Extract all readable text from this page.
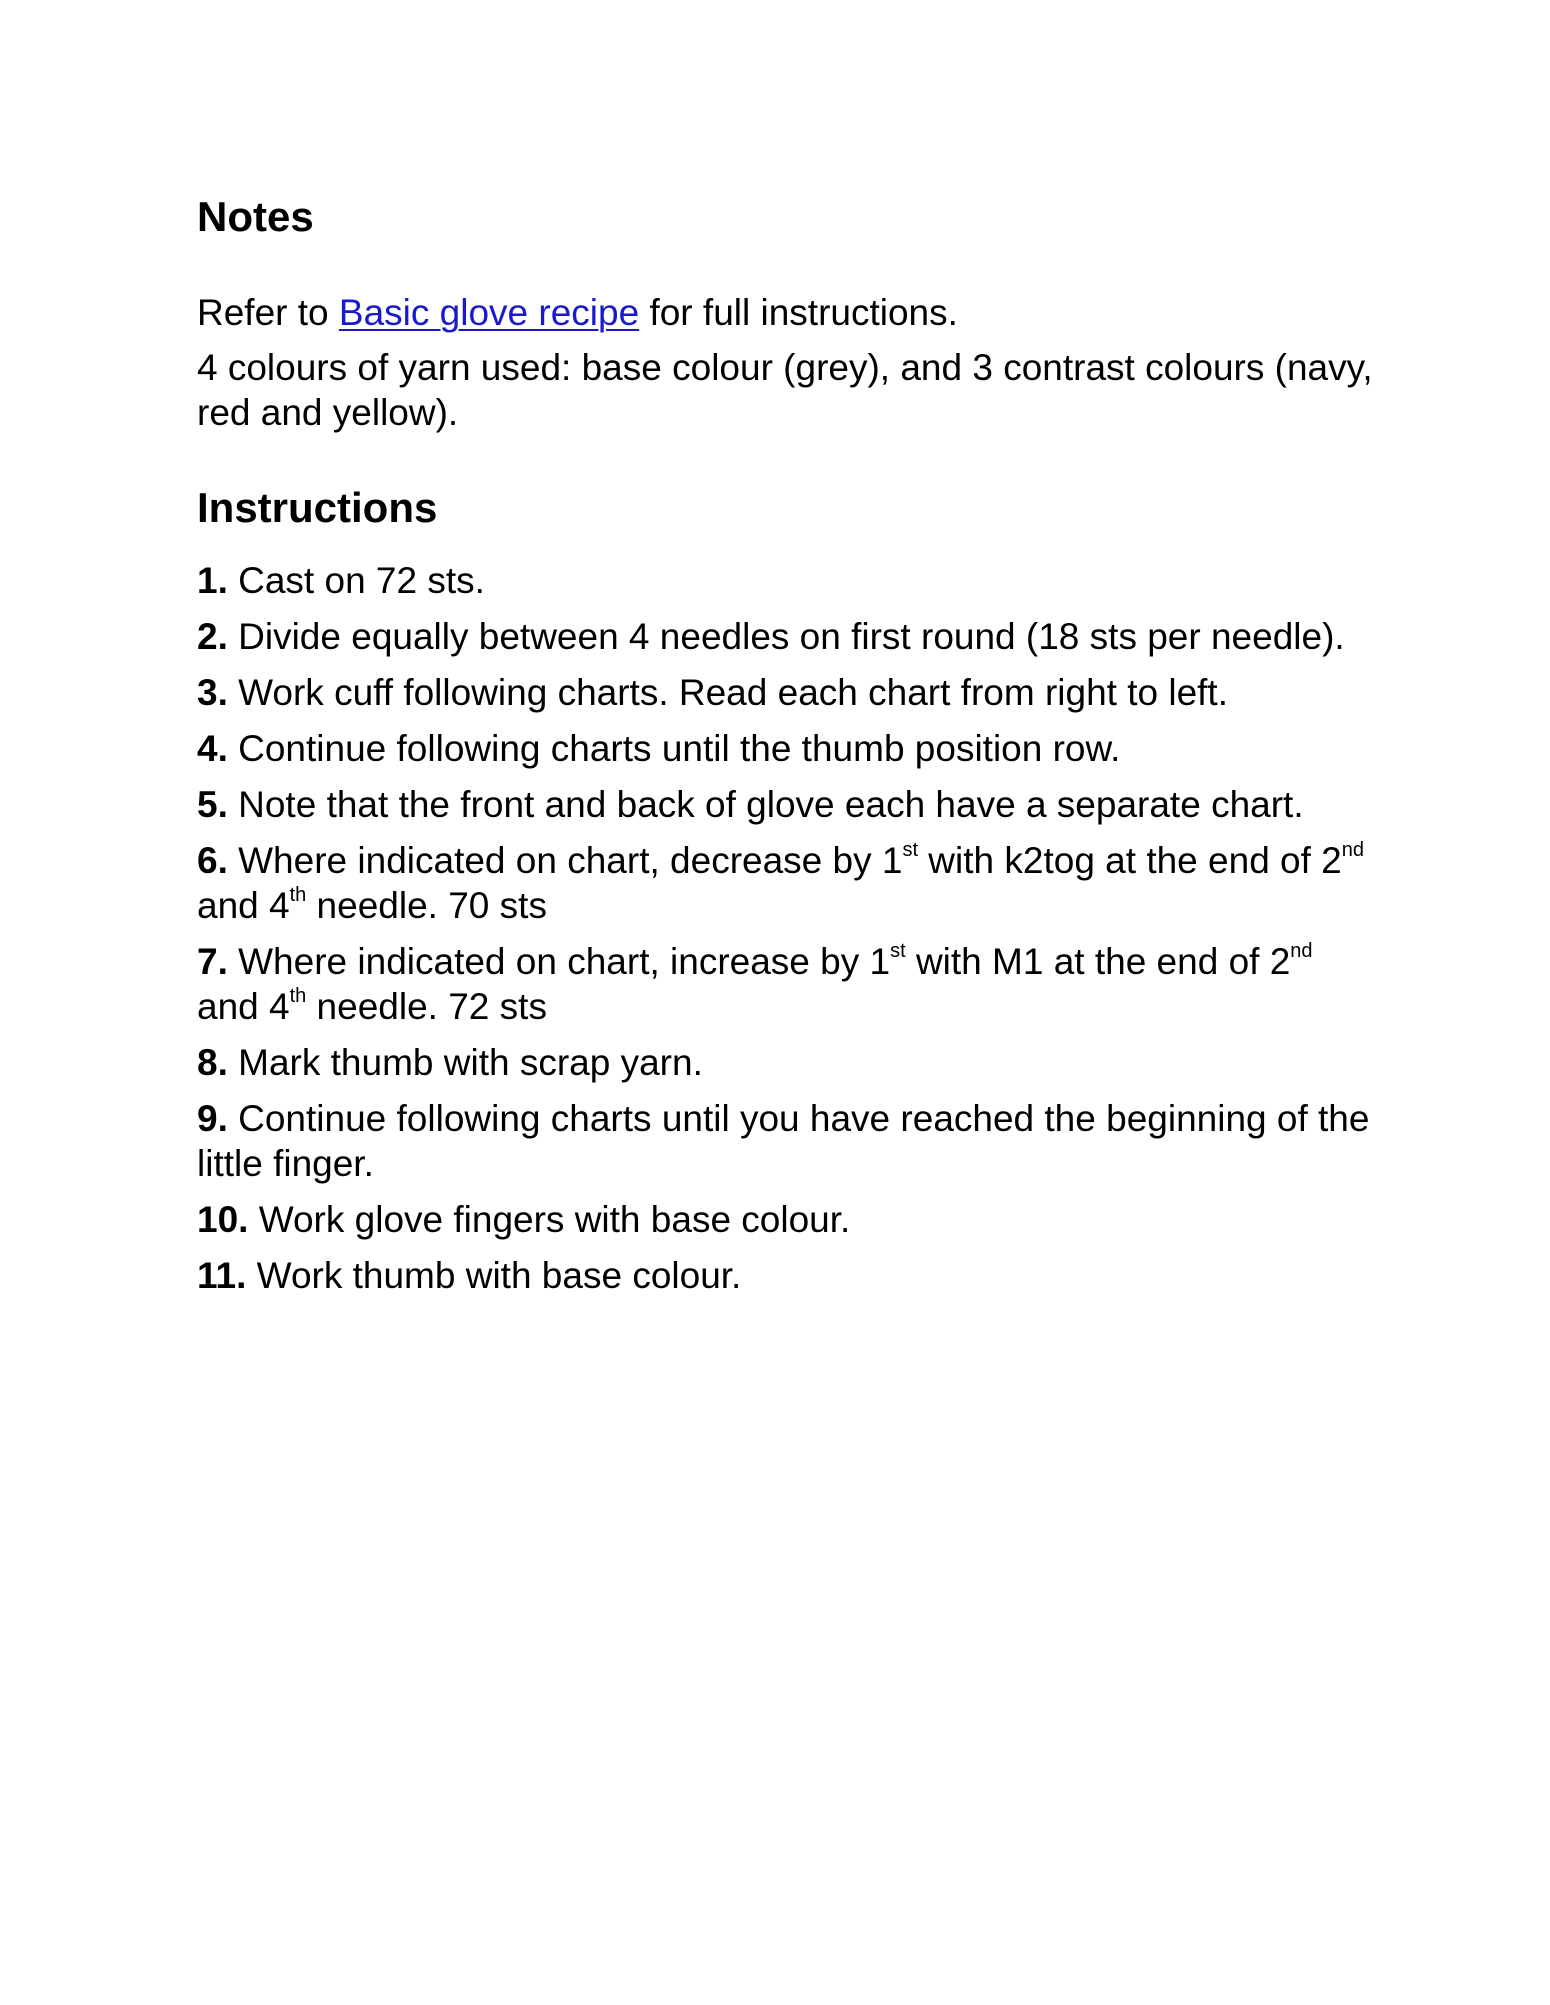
Notes

Refer to Basic glove recipe for full instructions.

4 colours of yarn used: base colour (grey), and 3 contrast colours (navy, red and yellow).

Instructions

1. Cast on 72 sts.

2. Divide equally between 4 needles on first round (18 sts per needle).

3. Work cuff following charts. Read each chart from right to left.

4. Continue following charts until the thumb position row.

5. Note that the front and back of glove each have a separate chart.

6. Where indicated on chart, decrease by 1st with k2tog at the end of 2nd and 4th needle. 70 sts

7. Where indicated on chart, increase by 1st with M1 at the end of 2nd and 4th needle. 72 sts

8. Mark thumb with scrap yarn.

9. Continue following charts until you have reached the beginning of the little finger.

10. Work glove fingers with base colour.

11. Work thumb with base colour.
